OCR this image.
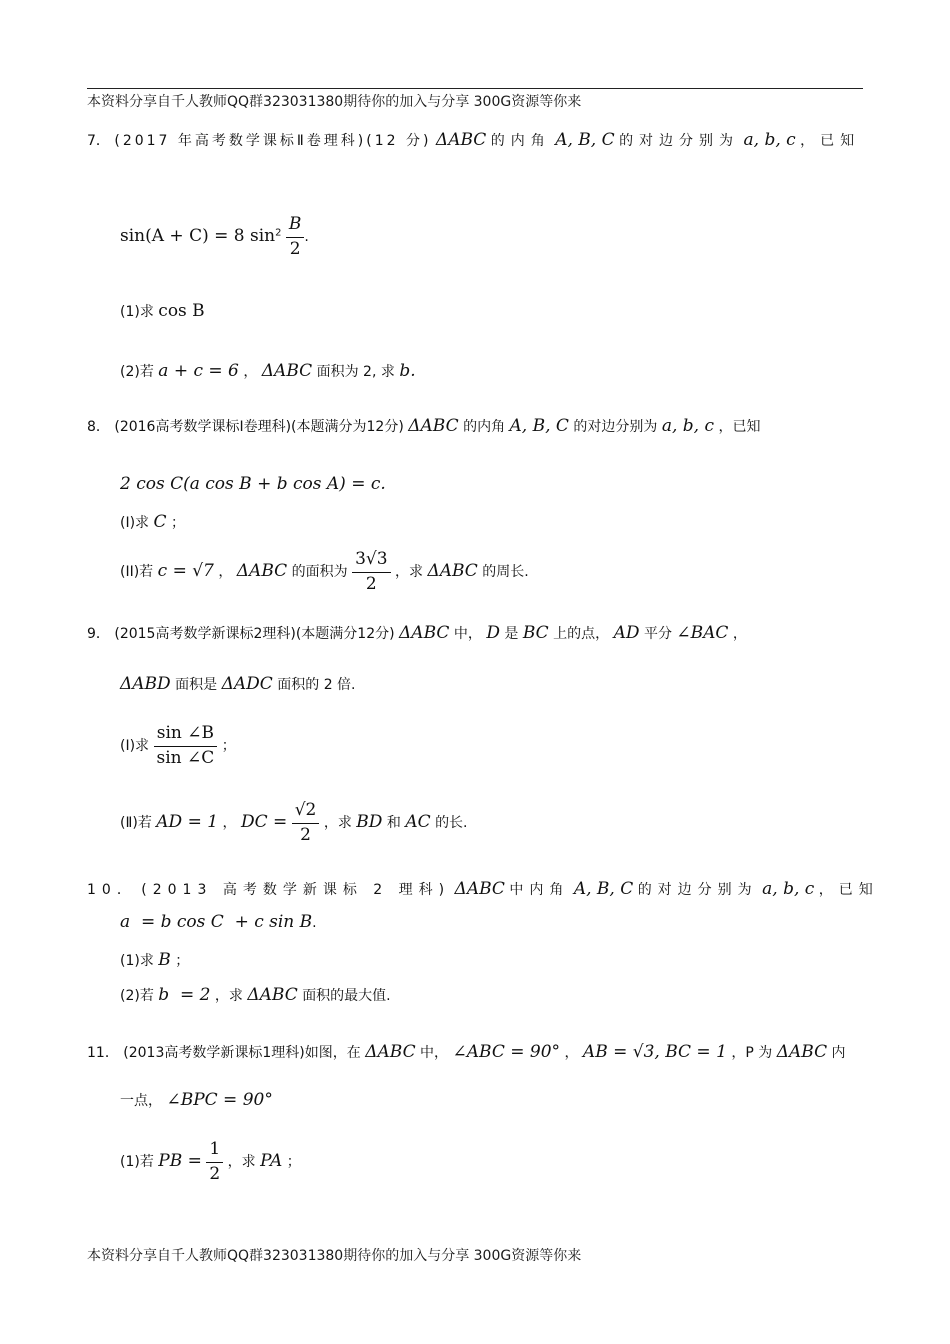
本资料分享自千人教师QQ群323031380期待你的加入与分享 300G资源等你来
7． (2017 年高考数学课标Ⅱ卷理科)(12 分) ΔABC 的内角 A, B, C 的对边分别为 a, b, c ，已知
sin(A + C) = 8 $\sin^2 \frac{B}{2}$ .
(1)求 cos B
(2)若 a + c = 6 ， ΔABC 面积为 2, 求 b.
8． (2016高考数学课标Ⅰ卷理科)(本题满分为12分) ΔABC 的内角 A, B, C 的对边分别为 a, b, c ，已知
2 cos C(a cos B + b cos A) = c.
(I)求 C ；
(II)若 c = √7 ， ΔABC 的面积为 $\frac{3√3}{2}$ ，求 ΔABC 的周长.
9． (2015高考数学新课标2理科)(本题满分12分) ΔABC 中， D 是 BC 上的点， AD 平分 ∠BAC ，
ΔABD 面积是 ΔADC 面积的 2 倍.
(Ⅰ)求 $\frac{\sin \angle B}{\sin \angle C}$ ；
(Ⅱ)若 AD = 1 ， DC = $\frac{√2}{2}$ ，求 BD 和 AC 的长.
10． (2013 高考数学新课标 2 理科) ΔABC 中内角 A, B, C 的对边分别为 a, b, c ，已知
a  = b cos C  + c sin B.
(1)求 B ；
(2)若 b  = 2 ，求 ΔABC 面积的最大值.
11． (2013高考数学新课标1理科)如图，在 ΔABC 中， ∠ABC = 90° ， AB = √3, BC = 1 ，P 为 ΔABC 内
一点， ∠BPC = 90°
(1)若 PB = $\frac{1}{2}$ ，求 PA ；
本资料分享自千人教师QQ群323031380期待你的加入与分享 300G资源等你来
